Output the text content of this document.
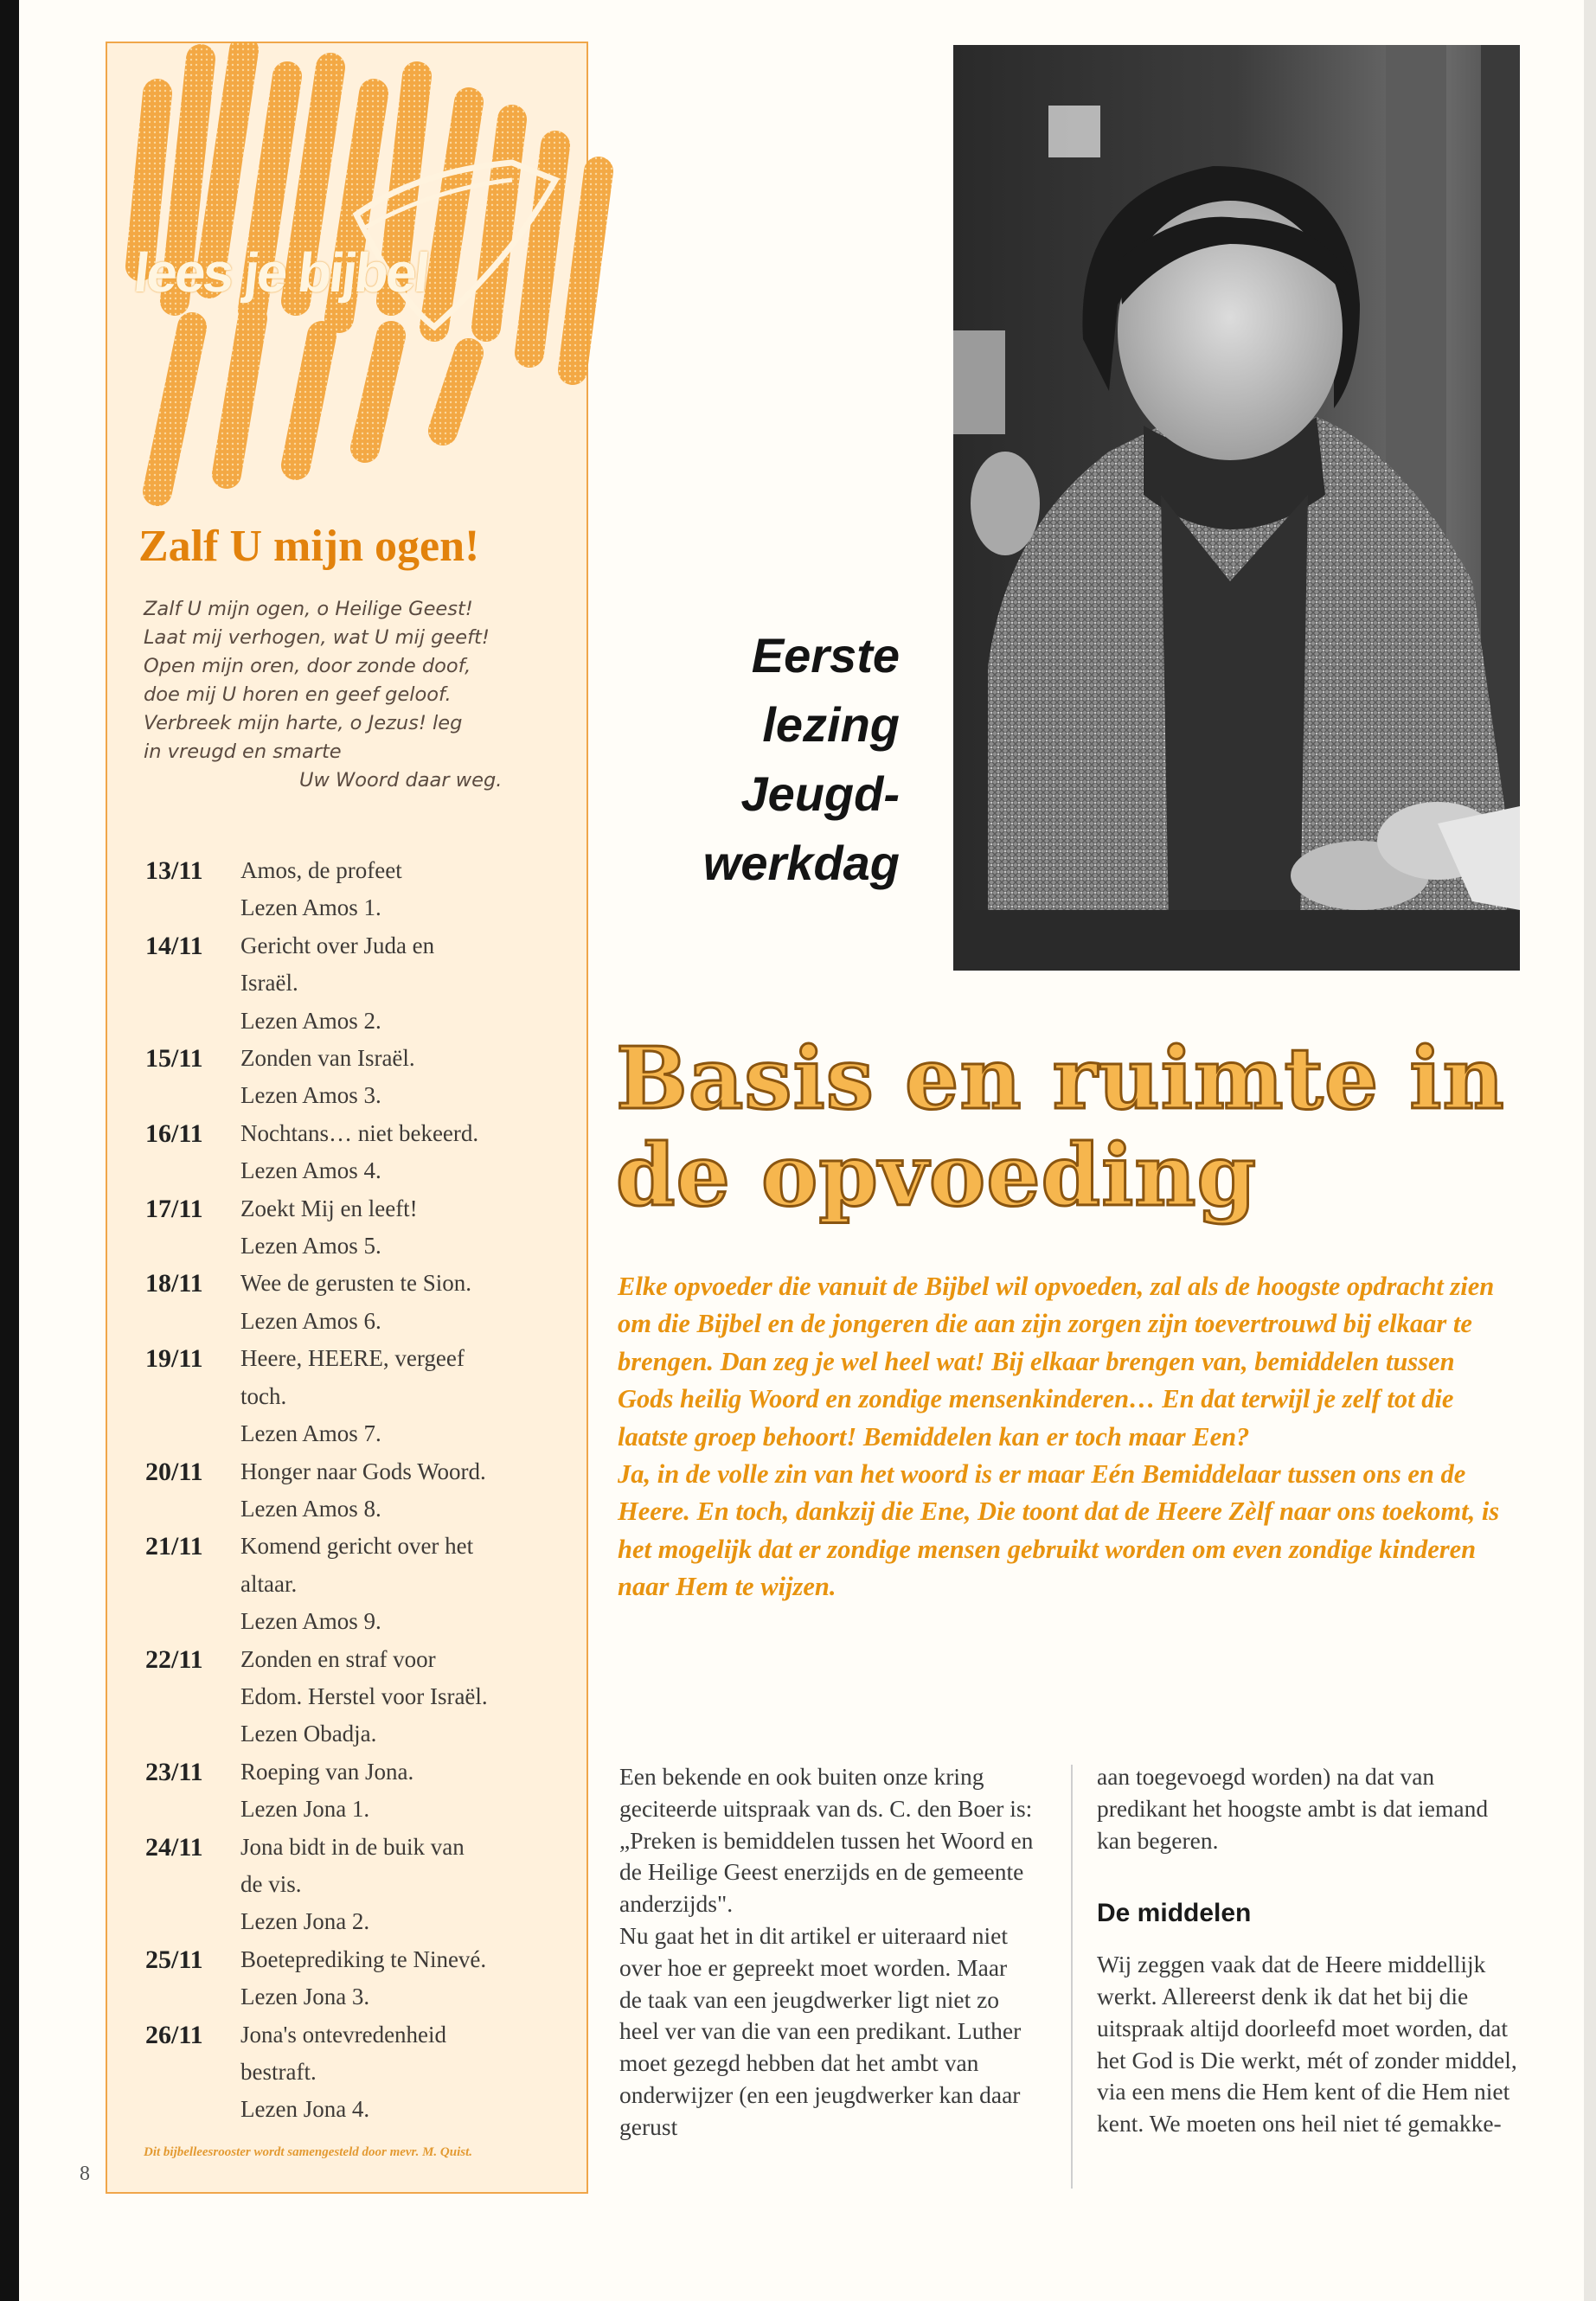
lees je bijbel
Zalf U mijn ogen!
Zalf U mijn ogen, o Heilige Geest!
Laat mij verhogen, wat U mij geeft!
Open mijn oren, door zonde doof,
doe mij U horen en geef geloof.
Verbreek mijn harte, o Jezus! leg
in vreugd en smarte
Uw Woord daar weg.
13/11	Amos, de profeet
Lezen Amos 1.
14/11	Gericht over Juda en
Israël.
Lezen Amos 2.
15/11	Zonden van Israël.
Lezen Amos 3.
16/11	Nochtans… niet bekeerd.
Lezen Amos 4.
17/11	Zoekt Mij en leeft!
Lezen Amos 5.
18/11	Wee de gerusten te Sion.
Lezen Amos 6.
19/11	Heere, HEERE, vergeef
toch.
Lezen Amos 7.
20/11	Honger naar Gods Woord.
Lezen Amos 8.
21/11	Komend gericht over het
altaar.
Lezen Amos 9.
22/11	Zonden en straf voor
Edom. Herstel voor Israël.
Lezen Obadja.
23/11	Roeping van Jona.
Lezen Jona 1.
24/11	Jona bidt in de buik van
de vis.
Lezen Jona 2.
25/11	Boeteprediking te Ninevé.
Lezen Jona 3.
26/11	Jona's ontevredenheid
bestraft.
Lezen Jona 4.
Dit bijbelleesrooster wordt samengesteld door mevr. M. Quist.
8
Eerste
lezing
Jeugd-
werkdag
Basis en ruimte in
de opvoeding

Elke opvoeder die vanuit de Bijbel wil opvoeden, zal als de hoogste opdracht zien om die Bijbel en de jongeren die aan zijn zorgen zijn toevertrouwd bij elkaar te brengen. Dan zeg je wel heel wat! Bij elkaar brengen van, bemiddelen tussen Gods heilig Woord en zondige mensenkinderen… En dat terwijl je zelf tot die laatste groep behoort! Bemiddelen kan er toch maar Een?

Ja, in de volle zin van het woord is er maar Eén Bemiddelaar tussen ons en de Heere. En toch, dankzij die Ene, Die toont dat de Heere Zèlf naar ons toekomt, is het mogelijk dat er zondige mensen gebruikt worden om even zondige kinderen naar Hem te wijzen.

Een bekende en ook buiten onze kring geciteerde uitspraak van ds. C. den Boer is: „Preken is bemiddelen tussen het Woord en de Heilige Geest enerzijds en de gemeente anderzijds".

Nu gaat het in dit artikel er uiteraard niet over hoe er gepreekt moet worden. Maar de taak van een jeugdwerker ligt niet zo heel ver van die van een predikant. Luther moet gezegd hebben dat het ambt van onderwijzer (en een jeugdwerker kan daar gerust

aan toegevoegd worden) na dat van predikant het hoogste ambt is dat iemand kan begeren.

De middelen

Wij zeggen vaak dat de Heere middellijk werkt. Allereerst denk ik dat het bij die uitspraak altijd doorleefd moet worden, dat het God is Die werkt, mét of zonder middel, via een mens die Hem kent of die Hem niet kent. We moeten ons heil niet té gemakke-
